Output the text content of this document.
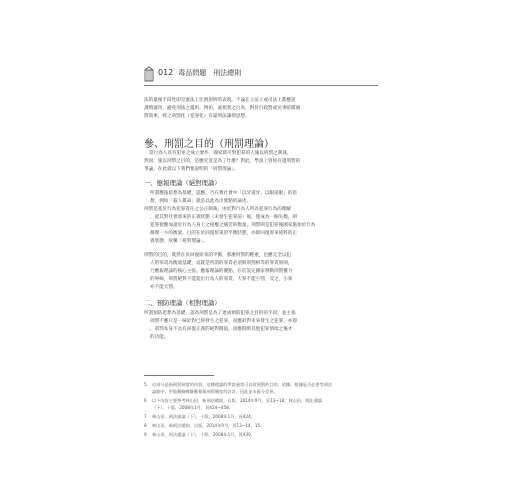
012 毒品問題　刑法總則
法的最後手段性即是憲法上比例原則的表現，不論在立法上或司法上都應該
謹慎運用，避免刑法之濫用。例如，違規我之行為，對於行政罰或民事賠償處
罰效果，將之刑罰化（犯罪化）有違刑法謙抑思想。
參、刑罰之目的（刑罰理論）
當行為人具有犯罪之成立要件，國家即可對犯罪的人施以刑罰之制裁，
然而，施以刑罰之目的，是應究竟是為了什麼？對此，學說上曾經有過刑罰的
爭論，在此就以下我們要說明的「刑罰理論」。
一、應報理論（絕對理論）
所謂應報思想為基礎，認應，乃在實社會中「以牙還牙，以眼還眼」的思
想，例如「殺人償命」就是以此為出發點的論述。
刑罰是基於行為犯罪責任之公正制裁，由於對行為人所為犯罪行為的理解
，從其對社會原來的正義狀態（未發生犯罪前）後，使成為一個失衡，則
犯罪使應加諸於行為人身上之相應之痛苦的衡量，刑罰則是犯罪後國家施加於行為
辦理一方的衡量，目的在於回復原來的平衡狀態，亦即回復原來純粹的正
義狀態，故稱「絕對理論」。
刑罰的目的，既然在於回復原來的平衡，那麼刑罰的輕重，也應完全以犯
人的罪責為衡量基礎，這就是所謂的罪責必須與刑罰相等的罪責原則，
乃應報理論的核心主張。應報理論的優點，在於設定國家發動刑罰權力
的界線，刑罰絕對不能超出行為人的罪責，大罪不能小罰，反之，小罪
亦不能大罰。
二、預防理論（相對理論）
所謂預防思想為基礎，認為刑罰是為了達成預防犯罪之目的的手段，並主張
刑罰不應只是一味針對已經發生之犯罪，而應針對未來發生之犯罪，亦即
，刑罰本身不具有回復正義的絕對價值，而應斟酌其他犯罪情境之後才
的功能。
5 這部分是指刑罰制度的內容，這種理論的學說通常可以從刑罰的目的、依據、根據是否必要等刑法
論點中，更能概略瞭解應報與刑罰制度的設計，因此並未區分差異。
6 以下內容主要參考林山田，新刑法總則，自版，2014年9月，頁13~18；林山田，刑法通論
（下），十版，2008年1月，頁424~458。
7 林山田，刑法通論（下），十版，2008年1月，頁424。
8 林山田，新刑法總則，自版，2014年9月，頁13~14、15。
9 林山田，刑法通論（下），十版，2008年1月，頁430。
